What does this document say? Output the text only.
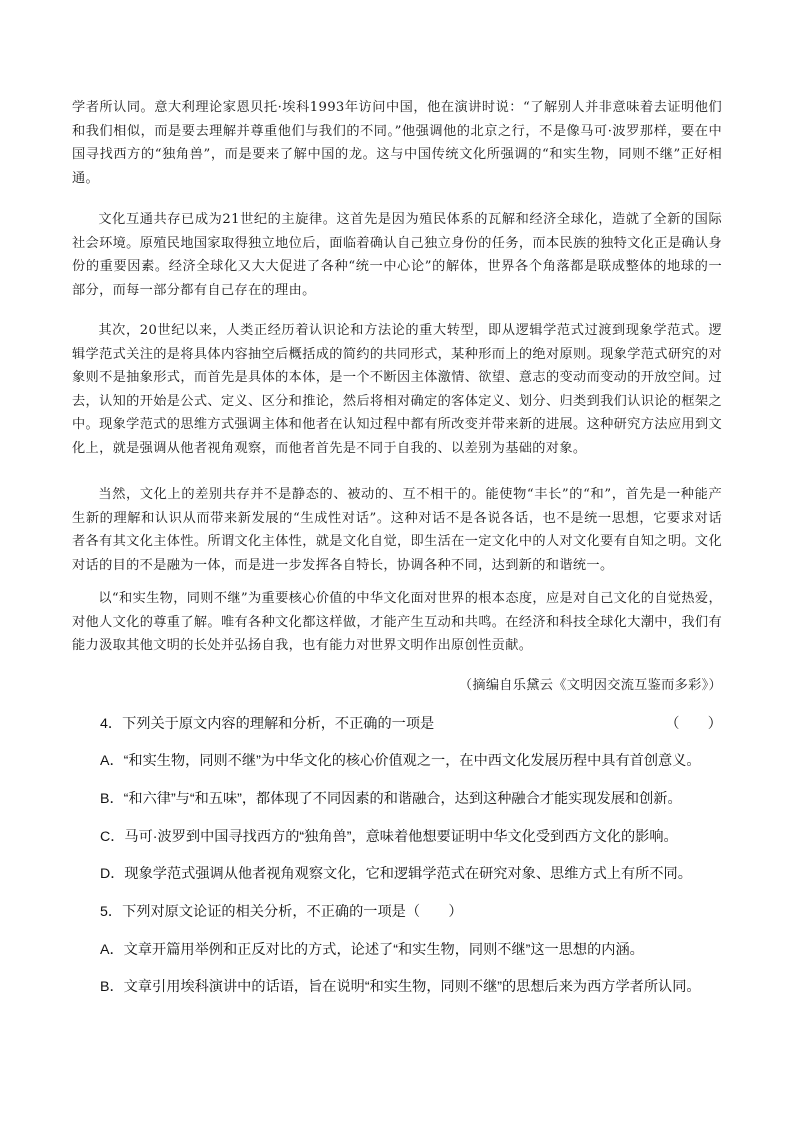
学者所认同。意大利理论家恩贝托·埃科1993年访问中国，他在演讲时说：“了解别人并非意味着去证明他们和我们相似，而是要去理解并尊重他们与我们的不同。”他强调他的北京之行，不是像马可·波罗那样，要在中国寻找西方的“独角兽”，而是要来了解中国的龙。这与中国传统文化所强调的“和实生物，同则不继”正好相通。

文化互通共存已成为21世纪的主旋律。这首先是因为殖民体系的瓦解和经济全球化，造就了全新的国际社会环境。原殖民地国家取得独立地位后，面临着确认自己独立身份的任务，而本民族的独特文化正是确认身份的重要因素。经济全球化又大大促进了各种“统一中心论”的解体，世界各个角落都是联成整体的地球的一部分，而每一部分都有自己存在的理由。

其次，20世纪以来，人类正经历着认识论和方法论的重大转型，即从逻辑学范式过渡到现象学范式。逻辑学范式关注的是将具体内容抽空后概括成的简约的共同形式，某种形而上的绝对原则。现象学范式研究的对象则不是抽象形式，而首先是具体的本体，是一个不断因主体激情、欲望、意志的变动而变动的开放空间。过去，认知的开始是公式、定义、区分和推论，然后将相对确定的客体定义、划分、归类到我们认识论的框架之中。现象学范式的思维方式强调主体和他者在认知过程中都有所改变并带来新的进展。这种研究方法应用到文化上，就是强调从他者视角观察，而他者首先是不同于自我的、以差别为基础的对象。

当然，文化上的差别共存并不是静态的、被动的、互不相干的。能使物“丰长”的“和”，首先是一种能产生新的理解和认识从而带来新发展的“生成性对话”。这种对话不是各说各话，也不是统一思想，它要求对话者各有其文化主体性。所谓文化主体性，就是文化自觉，即生活在一定文化中的人对文化要有自知之明。文化对话的目的不是融为一体，而是进一步发挥各自特长，协调各种不同，达到新的和谐统一。

以“和实生物，同则不继”为重要核心价值的中华文化面对世界的根本态度，应是对自己文化的自觉热爱，对他人文化的尊重了解。唯有各种文化都这样做，才能产生互动和共鸣。在经济和科技全球化大潮中，我们有能力汲取其他文明的长处并弘扬自我，也有能力对世界文明作出原创性贡献。

（摘编自乐黛云《文明因交流互鉴而多彩》）
4．下列关于原文内容的理解和分析，不正确的一项是	（　　）
A．“和实生物，同则不继”为中华文化的核心价值观之一，在中西文化发展历程中具有首创意义。
B．“和六律”与“和五味”，都体现了不同因素的和谐融合，达到这种融合才能实现发展和创新。
C．马可·波罗到中国寻找西方的“独角兽”，意味着他想要证明中华文化受到西方文化的影响。
D．现象学范式强调从他者视角观察文化，它和逻辑学范式在研究对象、思维方式上有所不同。
5．下列对原文论证的相关分析，不正确的一项是（　　）
A．文章开篇用举例和正反对比的方式，论述了“和实生物，同则不继”这一思想的内涵。
B．文章引用埃科演讲中的话语，旨在说明“和实生物，同则不继”的思想后来为西方学者所认同。
